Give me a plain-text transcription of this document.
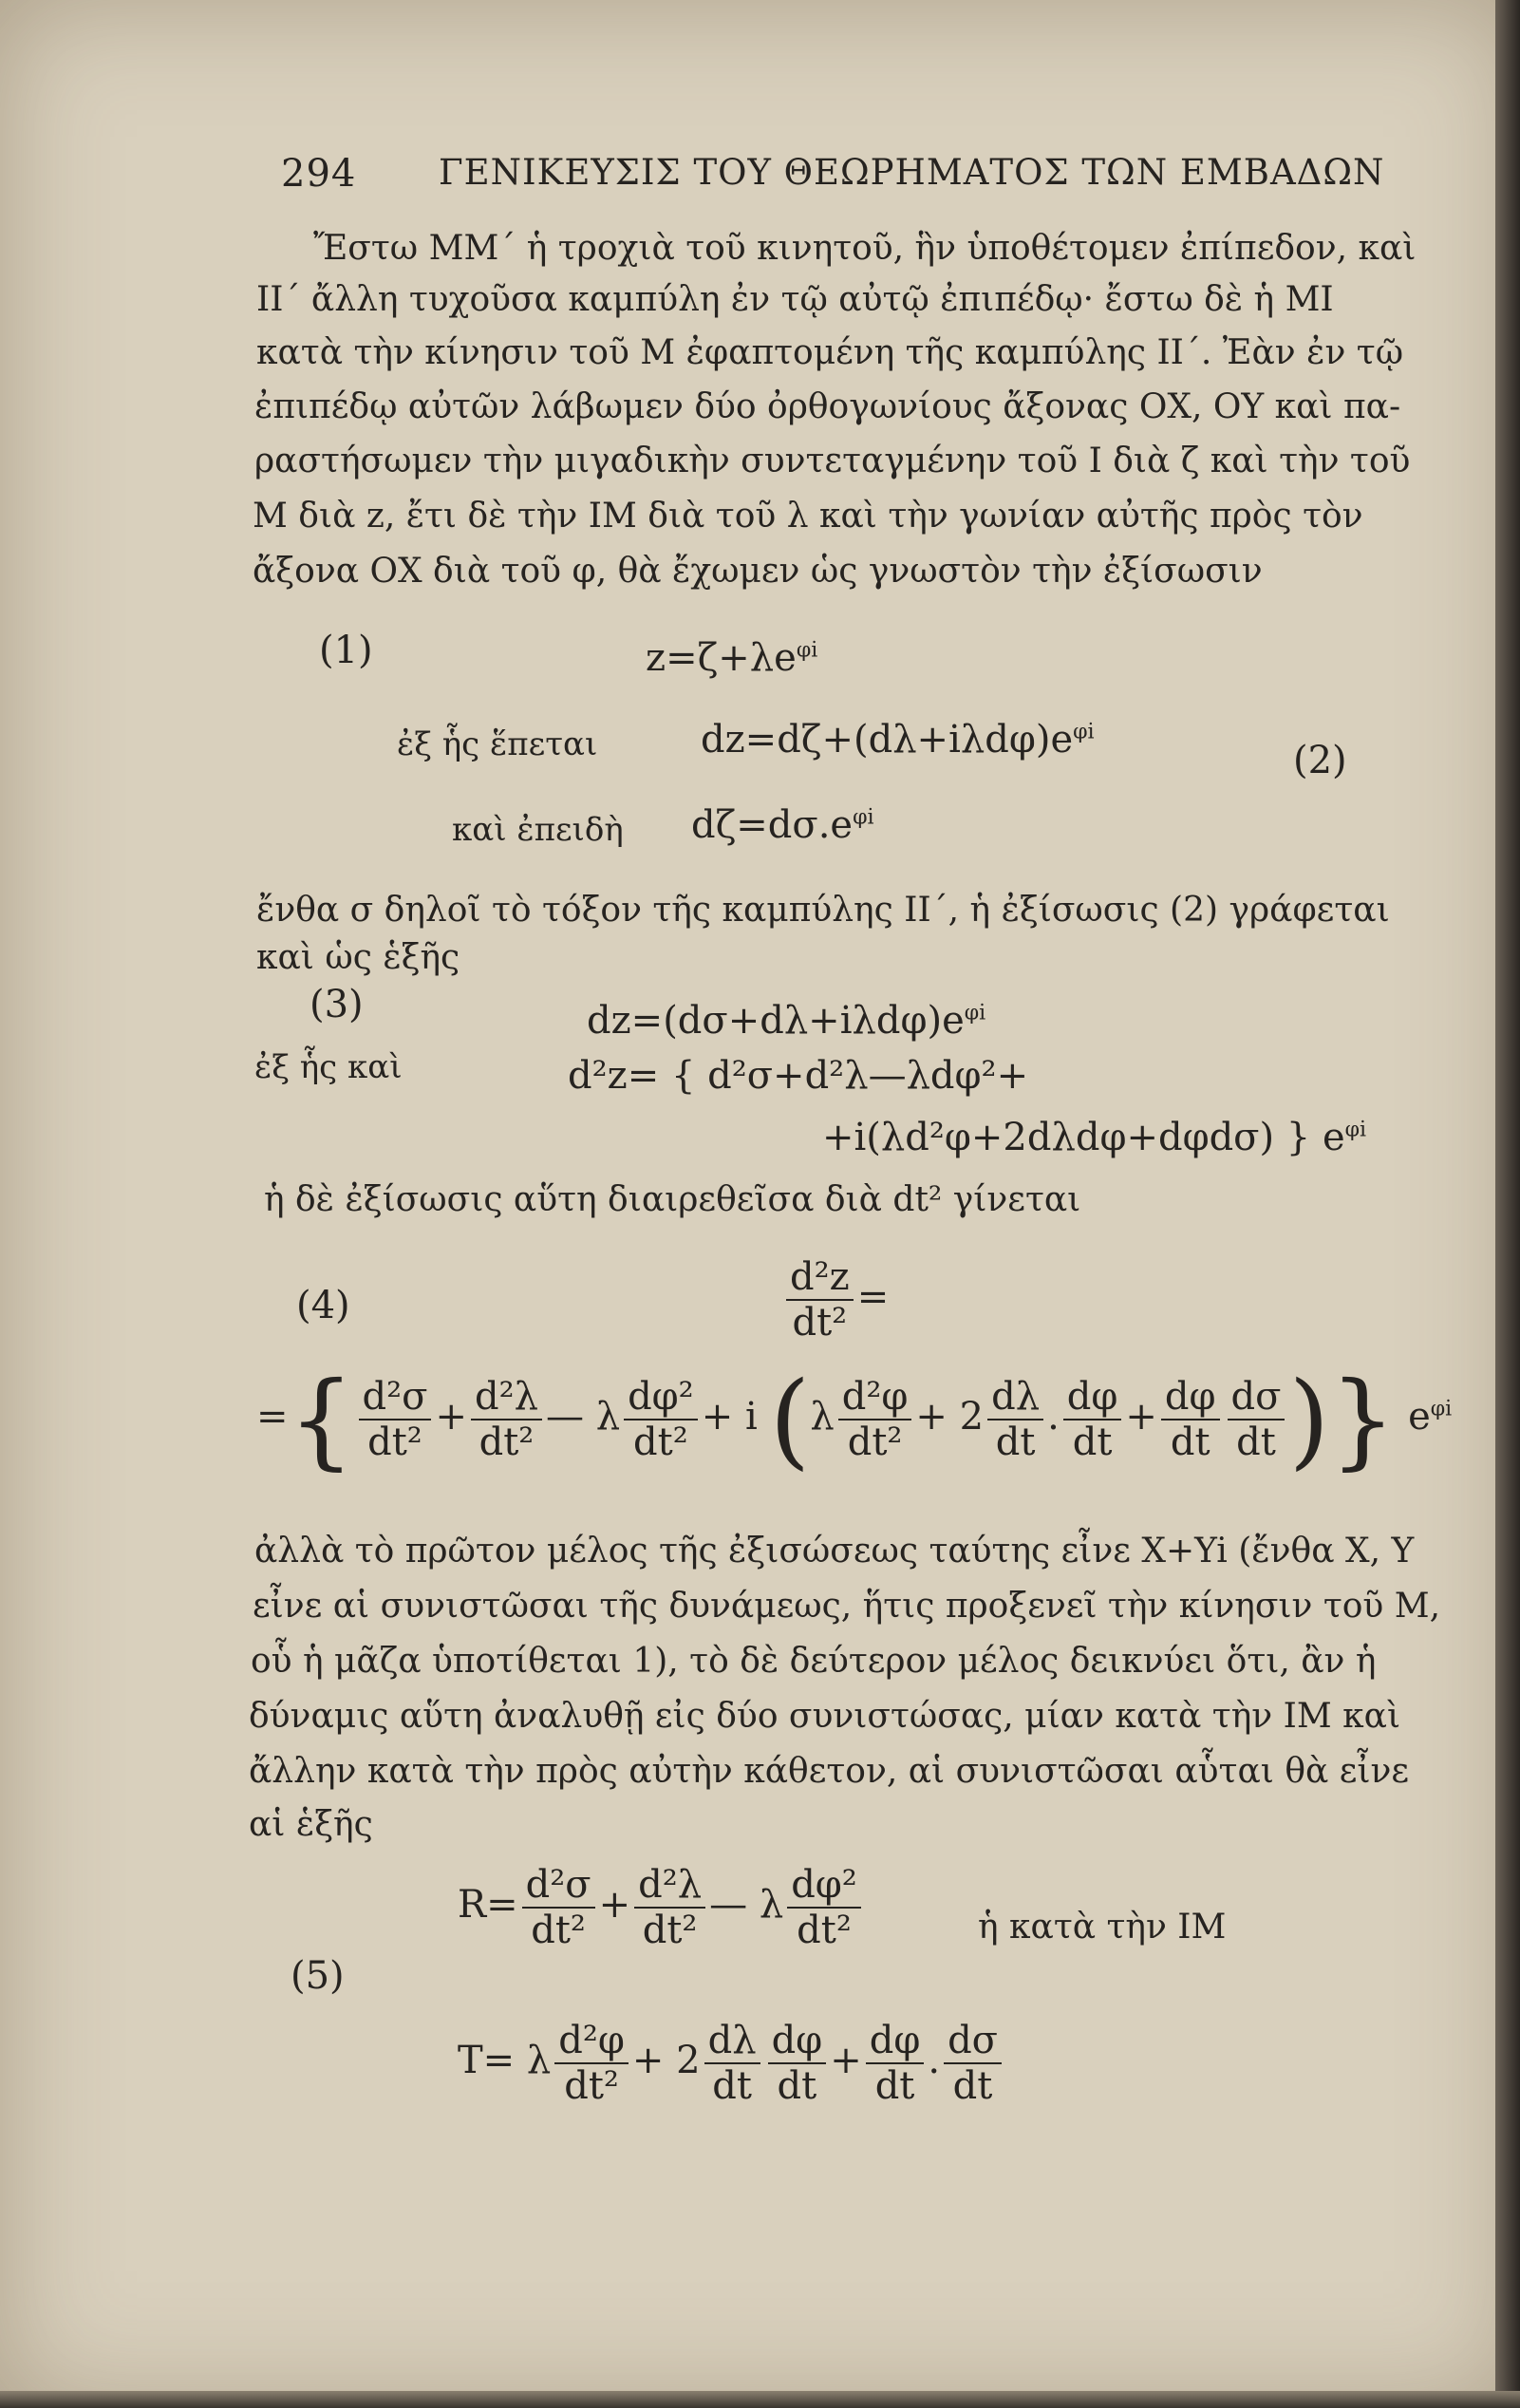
294 ΓΕΝΙΚΕΥΣΙΣ ΤΟΥ ΘΕΩΡΗΜΑΤΟΣ ΤΩΝ ΕΜΒΑΔΩΝ
Ἔστω ΜΜ΄ ἡ τροχιὰ τοῦ κινητοῦ, ἣν ὑποθέτομεν ἐπίπεδον, καὶ
ΙΙ΄ ἄλλη τυχοῦσα καμπύλη ἐν τῷ αὐτῷ ἐπιπέδῳ· ἔστω δὲ ἡ ΜΙ
κατὰ τὴν κίνησιν τοῦ Μ ἐφαπτομένη τῆς καμπύλης ΙΙ΄. Ἐὰν ἐν τῷ
ἐπιπέδῳ αὐτῶν λάβωμεν δύο ὀρθογωνίους ἄξονας ΟΧ, ΟΥ καὶ πα-
ραστήσωμεν τὴν μιγαδικὴν συντεταγμένην τοῦ Ι διὰ ζ καὶ τὴν τοῦ
Μ διὰ z, ἔτι δὲ τὴν ΙΜ διὰ τοῦ λ καὶ τὴν γωνίαν αὐτῆς πρὸς τὸν
ἄξονα ΟΧ διὰ τοῦ φ, θὰ ἔχωμεν ὡς γνωστὸν τὴν ἐξίσωσιν
(1)	$z=\zeta+\lambda e^{\varphi i}$
ἐξ ἧς ἕπεται	$dz=d\zeta+(d\lambda+i\lambda d\varphi)e^{\varphi i}$
(2)
καὶ ἐπειδὴ $d\zeta=d\sigma.e^{\varphi i}$
ἔνθα σ δηλοῖ τὸ τόξον τῆς καμπύλης ΙΙ΄, ἡ ἐξίσωσις (2) γράφεται
καὶ ὡς ἑξῆς
(3)	$dz=(d\sigma+d\lambda+i\lambda d\varphi)e^{\varphi i}$
ἐξ ἧς καὶ	d²z= { d²σ+d²λ—λdφ²+
+i(λd²φ+2dλdφ+dφdσ) } $e^{\varphi i}$
ἡ δὲ ἐξίσωσις αὕτη διαιρεθεῖσα διὰ dt² γίνεται
(4)	$\frac{\text{d²z}}{\text{dt²}}$ =
={ $\frac{\text{d²σ}}{\text{dt²}} + \frac{\text{d²λ}}{\text{dt²}}$ — λ $\frac{\text{dφ²}}{\text{dt²}} + i$ ($\lambda \frac{\text{d²φ}}{\text{dt²}} + 2 \frac{d\lambda}{dt}$ . $\frac{d\varphi}{dt} + \frac{d\varphi}{dt} \frac{d\sigma}{dt}$ )} $e^{\varphi i}$
ἀλλὰ τὸ πρῶτον μέλος τῆς ἐξισώσεως ταύτης εἶνε X+Yi (ἔνθα Χ, Υ
εἶνε αἱ συνιστῶσαι τῆς δυνάμεως, ἥτις προξενεῖ τὴν κίνησιν τοῦ Μ,
οὗ ἡ μᾶζα ὑποτίθεται 1), τὸ δὲ δεύτερον μέλος δεικνύει ὅτι, ἂν ἡ
δύναμις αὕτη ἀναλυθῇ εἰς δύο συνιστώσας, μίαν κατὰ τὴν ΙΜ καὶ
ἄλλην κατὰ τὴν πρὸς αὐτὴν κάθετον, αἱ συνιστῶσαι αὗται θὰ εἶνε
αἱ ἑξῆς
$R= \frac{\text{d²σ}}{\text{dt²}} + \frac{\text{d²λ}}{\text{dt²}}$ — λ $\frac{\text{dφ²}}{\text{dt²}}$	ἡ κατὰ τὴν ΙΜ
(5)
T= λ $\frac{\text{d²φ}}{\text{dt²}} + 2 \frac{d\lambda}{dt} \frac{d\varphi}{dt} + \frac{d\varphi}{dt}$ . $\frac{d\sigma}{dt}$
